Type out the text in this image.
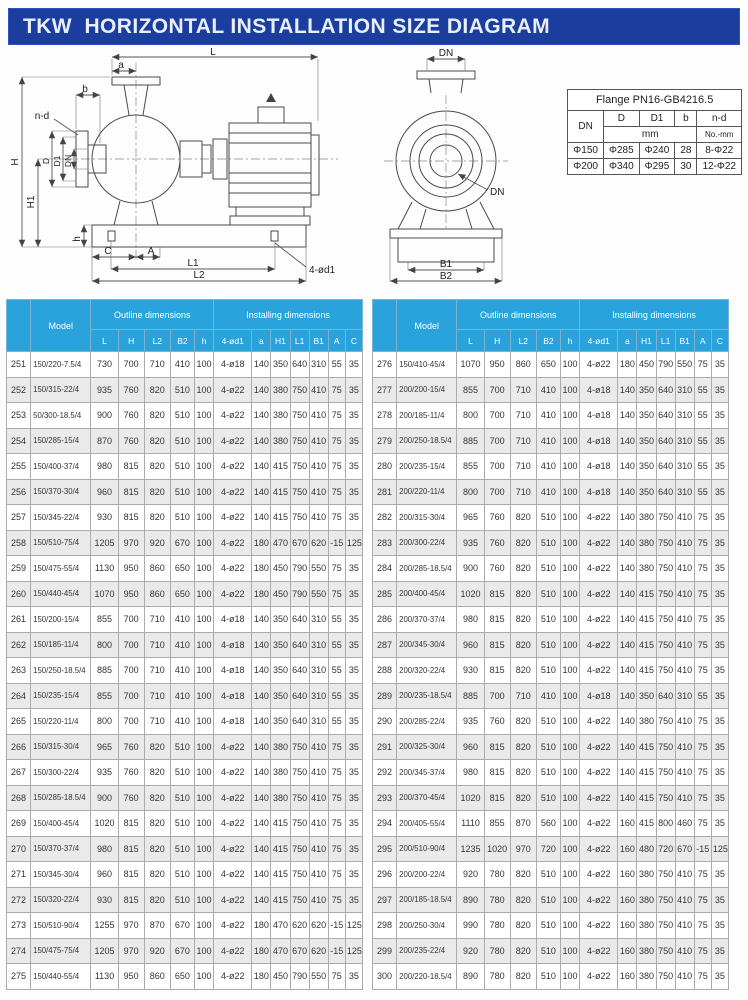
TKW  HORIZONTAL INSTALLATION SIZE DIAGRAM
L
a
b
n-d
H
H1
D D1 DN
h
C	A
L1
L2	4-ød1
DN
DN
B1
B2
Flange PN16-GB4216.5				
DN	D	D1	b	n-d
	mm			No.-mm
Φ150	Φ285	Φ240	28	8-Φ22
Φ200	Φ340	Φ295	30	12-Φ22
	Model	Outline dimensions					Installing dimensions						
		L	H	L2	B2	h	4-ød1	a	H1	L1	B1	A	C
251	150/220-7.5/4	730	700	710	410	100	4-ø18	140	350	640	310	55	35
252	150/315-22/4	935	760	820	510	100	4-ø22	140	380	750	410	75	35
253	50/300-18.5/4	900	760	820	510	100	4-ø22	140	380	750	410	75	35
254	150/285-15/4	870	760	820	510	100	4-ø22	140	380	750	410	75	35
255	150/400-37/4	980	815	820	510	100	4-ø22	140	415	750	410	75	35
256	150/370-30/4	960	815	820	510	100	4-ø22	140	415	750	410	75	35
257	150/345-22/4	930	815	820	510	100	4-ø22	140	415	750	410	75	35
258	150/510-75/4	1205	970	920	670	100	4-ø22	180	470	670	620	-15	125
259	150/475-55/4	1130	950	860	650	100	4-ø22	180	450	790	550	75	35
260	150/440-45/4	1070	950	860	650	100	4-ø22	180	450	790	550	75	35
261	150/200-15/4	855	700	710	410	100	4-ø18	140	350	640	310	55	35
262	150/185-11/4	800	700	710	410	100	4-ø18	140	350	640	310	55	35
263	150/250-18.5/4	885	700	710	410	100	4-ø18	140	350	640	310	55	35
264	150/235-15/4	855	700	710	410	100	4-ø18	140	350	640	310	55	35
265	150/220-11/4	800	700	710	410	100	4-ø18	140	350	640	310	55	35
266	150/315-30/4	965	760	820	510	100	4-ø22	140	380	750	410	75	35
267	150/300-22/4	935	760	820	510	100	4-ø22	140	380	750	410	75	35
268	150/285-18.5/4	900	760	820	510	100	4-ø22	140	380	750	410	75	35
269	150/400-45/4	1020	815	820	510	100	4-ø22	140	415	750	410	75	35
270	150/370-37/4	980	815	820	510	100	4-ø22	140	415	750	410	75	35
271	150/345-30/4	960	815	820	510	100	4-ø22	140	415	750	410	75	35
272	150/320-22/4	930	815	820	510	100	4-ø22	140	415	750	410	75	35
273	150/510-90/4	1255	970	870	670	100	4-ø22	180	470	620	620	-15	125
274	150/475-75/4	1205	970	920	670	100	4-ø22	180	470	670	620	-15	125
275	150/440-55/4	1130	950	860	650	100	4-ø22	180	450	790	550	75	35
	Model	Outline dimensions					Installing dimensions						
		L	H	L2	B2	h	4-ød1	a	H1	L1	B1	A	C
276	150/410-45/4	1070	950	860	650	100	4-ø22	180	450	790	550	75	35
277	200/200-15/4	855	700	710	410	100	4-ø18	140	350	640	310	55	35
278	200/185-11/4	800	700	710	410	100	4-ø18	140	350	640	310	55	35
279	200/250-18.5/4	885	700	710	410	100	4-ø18	140	350	640	310	55	35
280	200/235-15/4	855	700	710	410	100	4-ø18	140	350	640	310	55	35
281	200/220-11/4	800	700	710	410	100	4-ø18	140	350	640	310	55	35
282	200/315-30/4	965	760	820	510	100	4-ø22	140	380	750	410	75	35
283	200/300-22/4	935	760	820	510	100	4-ø22	140	380	750	410	75	35
284	200/285-18.5/4	900	760	820	510	100	4-ø22	140	380	750	410	75	35
285	200/400-45/4	1020	815	820	510	100	4-ø22	140	415	750	410	75	35
286	200/370-37/4	980	815	820	510	100	4-ø22	140	415	750	410	75	35
287	200/345-30/4	960	815	820	510	100	4-ø22	140	415	750	410	75	35
288	200/320-22/4	930	815	820	510	100	4-ø22	140	415	750	410	75	35
289	200/235-18.5/4	885	700	710	410	100	4-ø18	140	350	640	310	55	35
290	200/285-22/4	935	760	820	510	100	4-ø22	140	380	750	410	75	35
291	200/325-30/4	960	815	820	510	100	4-ø22	140	415	750	410	75	35
292	200/345-37/4	980	815	820	510	100	4-ø22	140	415	750	410	75	35
293	200/370-45/4	1020	815	820	510	100	4-ø22	140	415	750	410	75	35
294	200/405-55/4	1110	855	870	560	100	4-ø22	160	415	800	460	75	35
295	200/510-90/4	1235	1020	970	720	100	4-ø22	160	480	720	670	-15	125
296	200/200-22/4	920	780	820	510	100	4-ø22	160	380	750	410	75	35
297	200/185-18.5/4	890	780	820	510	100	4-ø22	160	380	750	410	75	35
298	200/250-30/4	990	780	820	510	100	4-ø22	160	380	750	410	75	35
299	200/235-22/4	920	780	820	510	100	4-ø22	160	380	750	410	75	35
300	200/220-18.5/4	890	780	820	510	100	4-ø22	160	380	750	410	75	35
